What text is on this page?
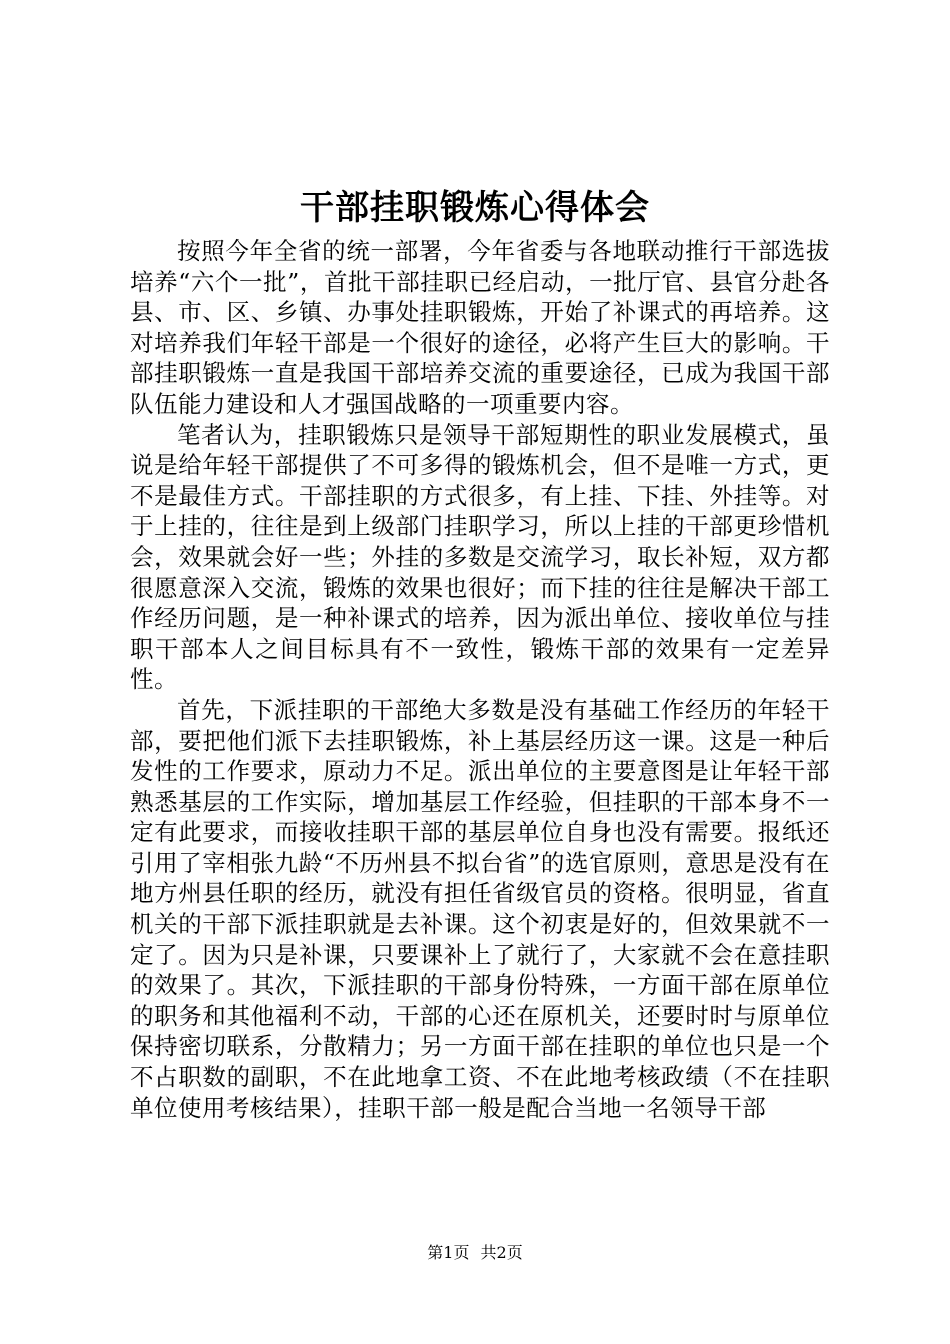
干部挂职锻炼心得体会

按照今年全省的统一部署，今年省委与各地联动推行干部选拔培养“六个一批”，首批干部挂职已经启动，一批厅官、县官分赴各县、市、区、乡镇、办事处挂职锻炼，开始了补课式的再培养。这对培养我们年轻干部是一个很好的途径，必将产生巨大的影响。干部挂职锻炼一直是我国干部培养交流的重要途径，已成为我国干部队伍能力建设和人才强国战略的一项重要内容。

笔者认为，挂职锻炼只是领导干部短期性的职业发展模式，虽说是给年轻干部提供了不可多得的锻炼机会，但不是唯一方式，更不是最佳方式。干部挂职的方式很多，有上挂、下挂、外挂等。对于上挂的，往往是到上级部门挂职学习，所以上挂的干部更珍惜机会，效果就会好一些；外挂的多数是交流学习，取长补短，双方都很愿意深入交流，锻炼的效果也很好；而下挂的往往是解决干部工作经历问题，是一种补课式的培养，因为派出单位、接收单位与挂职干部本人之间目标具有不一致性，锻炼干部的效果有一定差异性。

首先，下派挂职的干部绝大多数是没有基础工作经历的年轻干部，要把他们派下去挂职锻炼，补上基层经历这一课。这是一种后发性的工作要求，原动力不足。派出单位的主要意图是让年轻干部熟悉基层的工作实际，增加基层工作经验，但挂职的干部本身不一定有此要求，而接收挂职干部的基层单位自身也没有需要。报纸还引用了宰相张九龄“不历州县不拟台省”的选官原则，意思是没有在地方州县任职的经历，就没有担任省级官员的资格。很明显，省直机关的干部下派挂职就是去补课。这个初衷是好的，但效果就不一定了。因为只是补课，只要课补上了就行了，大家就不会在意挂职的效果了。其次，下派挂职的干部身份特殊，一方面干部在原单位的职务和其他福利不动，干部的心还在原机关，还要时时与原单位保持密切联系，分散精力；另一方面干部在挂职的单位也只是一个不占职数的副职，不在此地拿工资、不在此地考核政绩（不在挂职单位使用考核结果），挂职干部一般是配合当地一名领导干部

第1页 共2页
